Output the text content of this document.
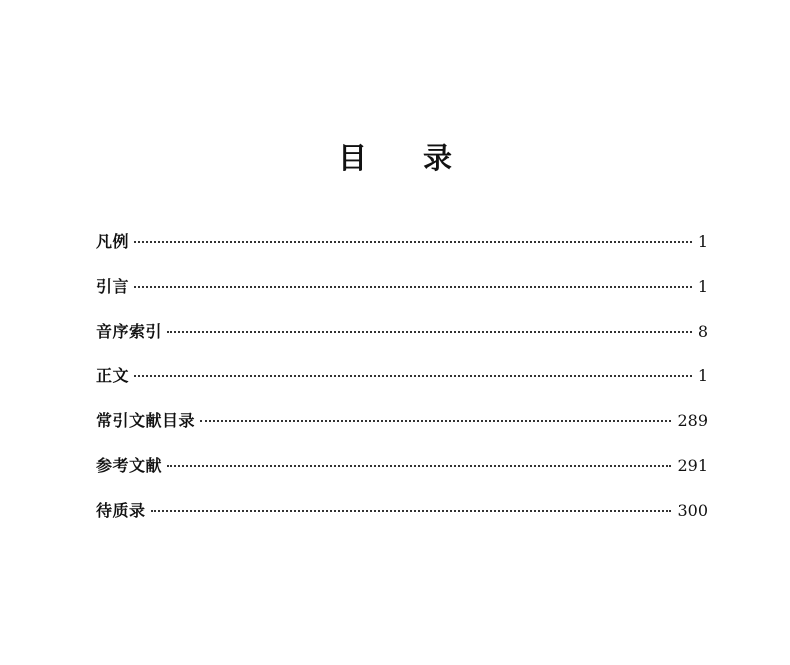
目录
凡例	1
引言	1
音序索引	8
正文	1
常引文献目录	289
参考文献	291
待质录	300
